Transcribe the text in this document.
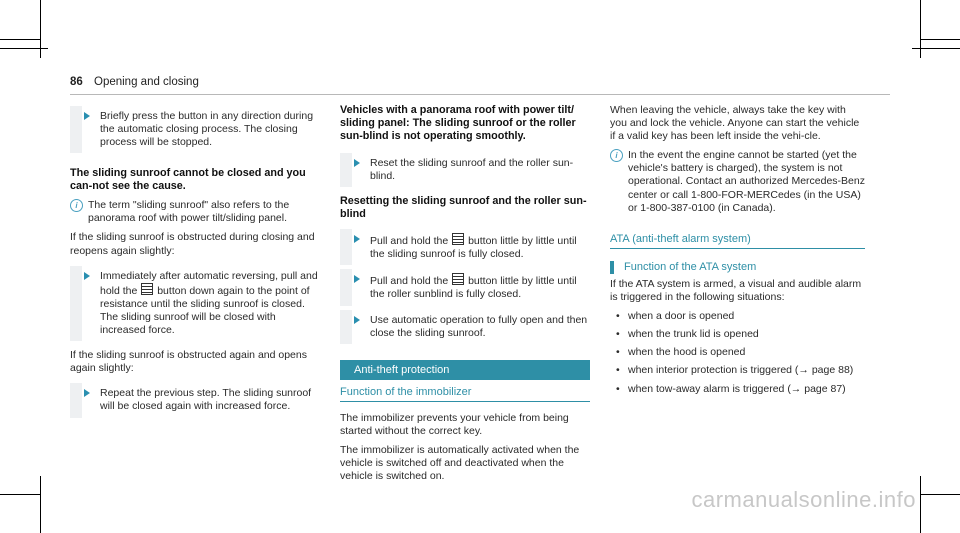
86 Opening and closing
Briefly press the button in any direction during the automatic closing process. The closing process will be stopped.
The sliding sunroof cannot be closed and you can-not see the cause.
i The term "sliding sunroof" also refers to the panorama roof with power tilt/sliding panel.

If the sliding sunroof is obstructed during closing and reopens again slightly:

Immediately after automatic reversing, pull and hold the button down again to the point of resistance until the sliding sunroof is closed. The sliding sunroof will be closed with increased force.

If the sliding sunroof is obstructed again and opens again slightly:

Repeat the previous step. The sliding sunroof will be closed again with increased force.
Vehicles with a panorama roof with power tilt/ sliding panel: The sliding sunroof or the roller sun-blind is not operating smoothly.
Reset the sliding sunroof and the roller sun-blind.
Resetting the sliding sunroof and the roller sun-blind
Pull and hold the button little by little until the sliding sunroof is fully closed.
Pull and hold the button little by little until the roller sunblind is fully closed.
Use automatic operation to fully open and then close the sliding sunroof.
Anti-theft protection
Function of the immobilizer

The immobilizer prevents your vehicle from being started without the correct key.

The immobilizer is automatically activated when the vehicle is switched off and deactivated when the vehicle is switched on.

When leaving the vehicle, always take the key with you and lock the vehicle. Anyone can start the vehicle if a valid key has been left inside the vehi-cle.

i In the event the engine cannot be started (yet the vehicle's battery is charged), the system is not operational. Contact an authorized Mercedes-Benz center or call 1-800-FOR-MERCedes (in the USA) or 1-800-387-0100 (in Canada).
ATA (anti-theft alarm system)
Function of the ATA system

If the ATA system is armed, a visual and audible alarm is triggered in the following situations:

• when a door is opened
• when the trunk lid is opened
• when the hood is opened
• when interior protection is triggered (→ page 88)
• when tow-away alarm is triggered (→ page 87)
carmanualsonline.info
